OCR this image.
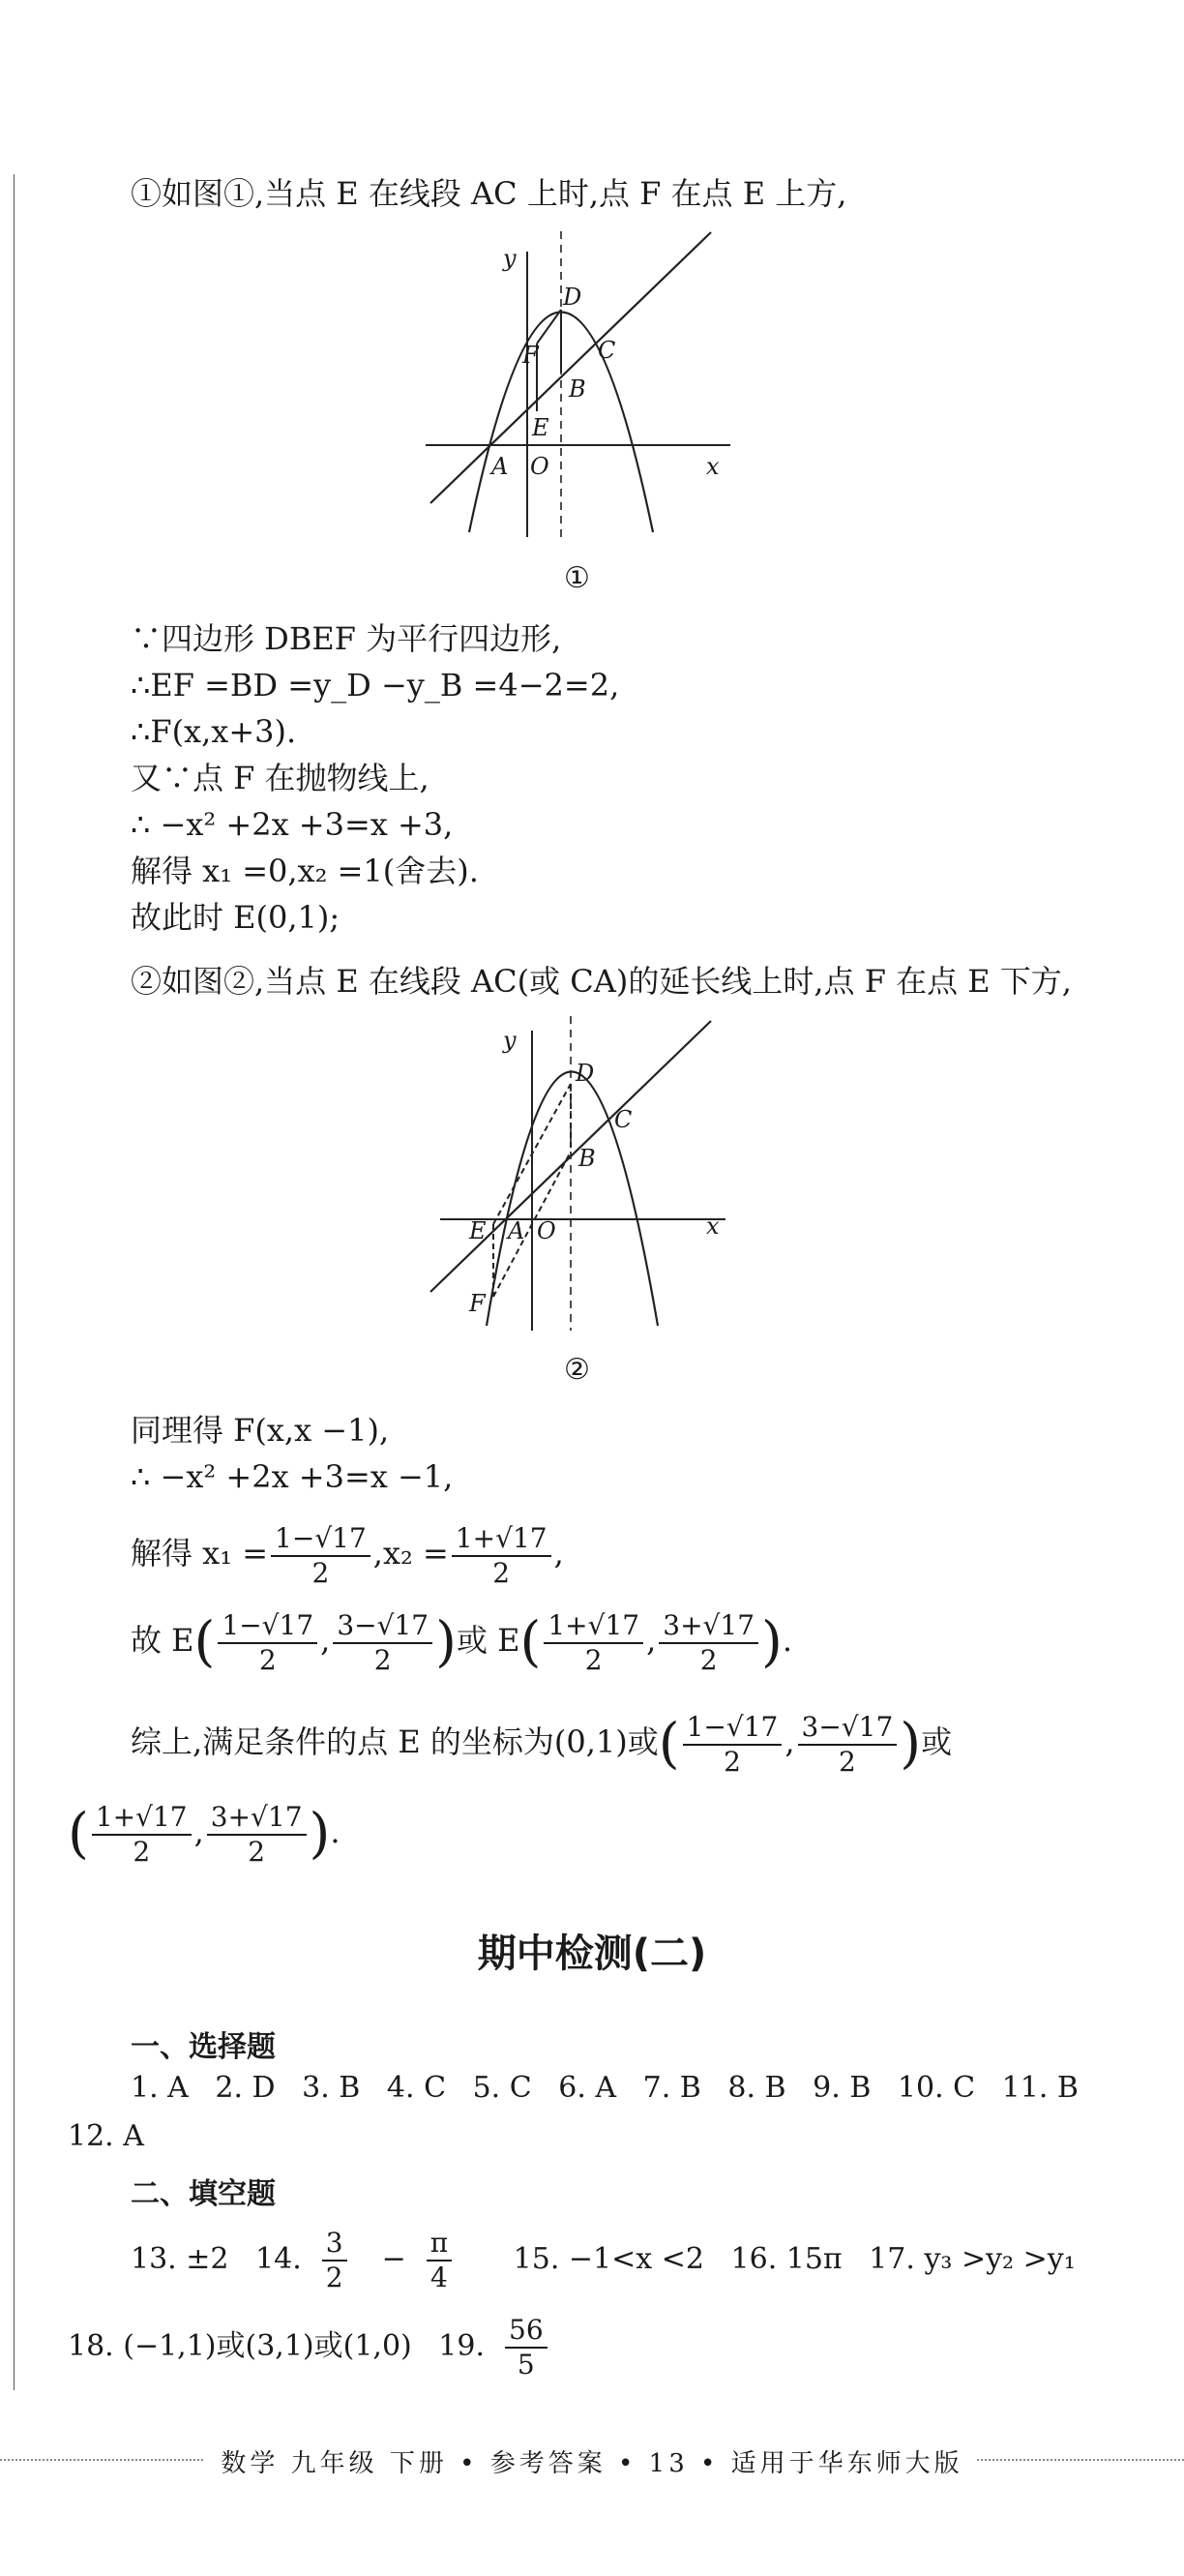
①如图①,当点 E 在线段 AC 上时,点 F 在点 E 上方,
y
x
D
F	C
B
E
A O
①
∵四边形 DBEF 为平行四边形,
∴EF =BD =y_D −y_B =4−2=2,
∴F(x,x+3).
又∵点 F 在抛物线上,
∴ −x² +2x +3=x +3,
解得 x₁ =0,x₂ =1(舍去).
故此时 E(0,1);
②如图②,当点 E 在线段 AC(或 CA)的延长线上时,点 F 在点 E 下方,
y
x
D
C
B
E A O
F
②
同理得 F(x,x −1),
∴ −x² +2x +3=x −1,
解得 $x_1 = \frac{1-√17}{2} ,x_2 = \frac{1+√17}{2}$ ,
故 $E( \frac{1-√17}{2}$ , $\frac{3-√17}{2}$ )或 $E( \frac{1+√17}{2}$ , $\frac{3+√17}{2}$ ).
综上,满足条件的点 E 的坐标为(0,1)或( $\frac{1-√17}{2}$ , $\frac{3-√17}{2}$ )或
( $\frac{1+√17}{2}$ , $\frac{3+√17}{2}$ ).
期中检测(二)
一、选择题
1. A 2. D 3. B 4. C 5. C 6. A 7. B 8. B 9. B 10. C 11. B
12. A
二、填空题
13. ±2 14. $\frac{3}{2} - \frac{\pi}{4} 15$. −1<x <2 16. 15π 17. y₃ >y₂ >y₁
18. (−1,1)或(3,1)或(1,0) 19. $\frac{56}{5}$
数学 九年级 下册 • 参考答案 • 13 • 适用于华东师大版
